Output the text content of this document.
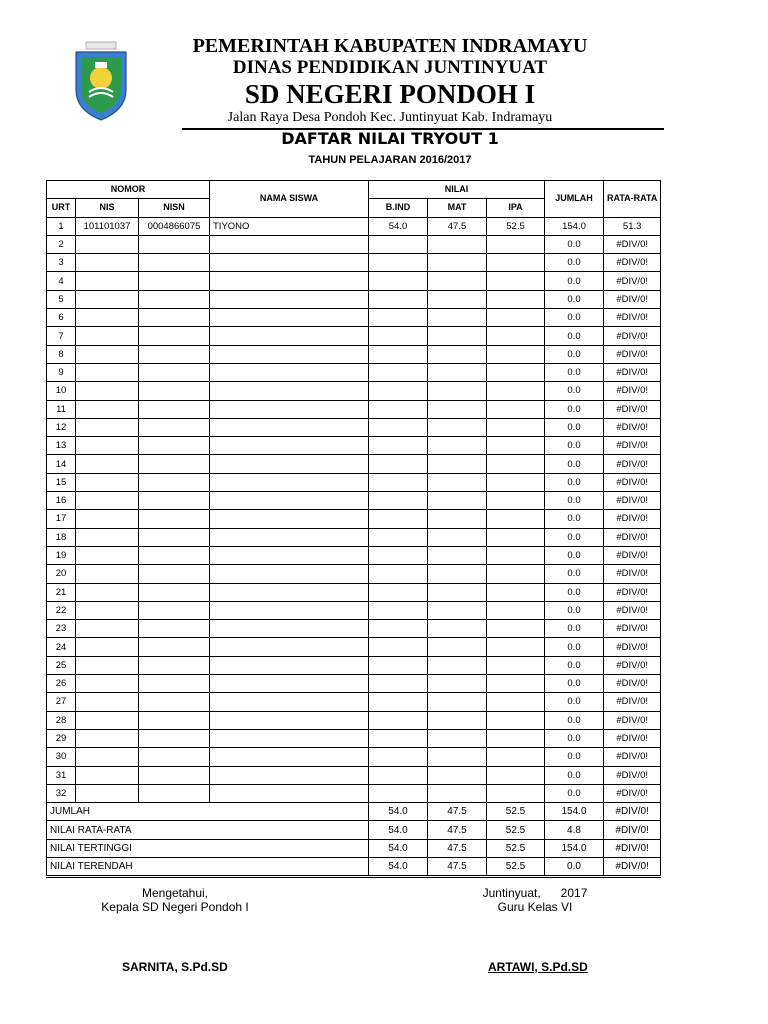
PEMERINTAH KABUPATEN INDRAMAYU
DINAS PENDIDIKAN JUNTINYUAT
SD NEGERI PONDOH I
Jalan Raya Desa Pondoh Kec. Juntinyuat Kab. Indramayu
DAFTAR NILAI TRYOUT 1
TAHUN PELAJARAN 2016/2017
NOMOR			NAMA SISWA	NILAI			JUMLAH	RATA-RATA
URT	NIS	NISN		B.IND	MAT	IPA		
1	101101037	0004866075	TIYONO	54.0	47.5	52.5	154.0	51.3
2							0.0	#DIV/0!
3							0.0	#DIV/0!
4							0.0	#DIV/0!
5							0.0	#DIV/0!
6							0.0	#DIV/0!
7							0.0	#DIV/0!
8							0.0	#DIV/0!
9							0.0	#DIV/0!
10							0.0	#DIV/0!
11							0.0	#DIV/0!
12							0.0	#DIV/0!
13							0.0	#DIV/0!
14							0.0	#DIV/0!
15							0.0	#DIV/0!
16							0.0	#DIV/0!
17							0.0	#DIV/0!
18							0.0	#DIV/0!
19							0.0	#DIV/0!
20							0.0	#DIV/0!
21							0.0	#DIV/0!
22							0.0	#DIV/0!
23							0.0	#DIV/0!
24							0.0	#DIV/0!
25							0.0	#DIV/0!
26							0.0	#DIV/0!
27							0.0	#DIV/0!
28							0.0	#DIV/0!
29							0.0	#DIV/0!
30							0.0	#DIV/0!
31							0.0	#DIV/0!
32							0.0	#DIV/0!
JUMLAH				54.0	47.5	52.5	154.0	#DIV/0!
NILAI RATA-RATA				54.0	47.5	52.5	4.8	#DIV/0!
NILAI TERTINGGI				54.0	47.5	52.5	154.0	#DIV/0!
NILAI TERENDAH				54.0	47.5	52.5	0.0	#DIV/0!
Mengetahui,
Kepala SD Negeri Pondoh I
Juntinyuat,      2017
Guru Kelas VI
SARNITA, S.Pd.SD	ARTAWI, S.Pd.SD
